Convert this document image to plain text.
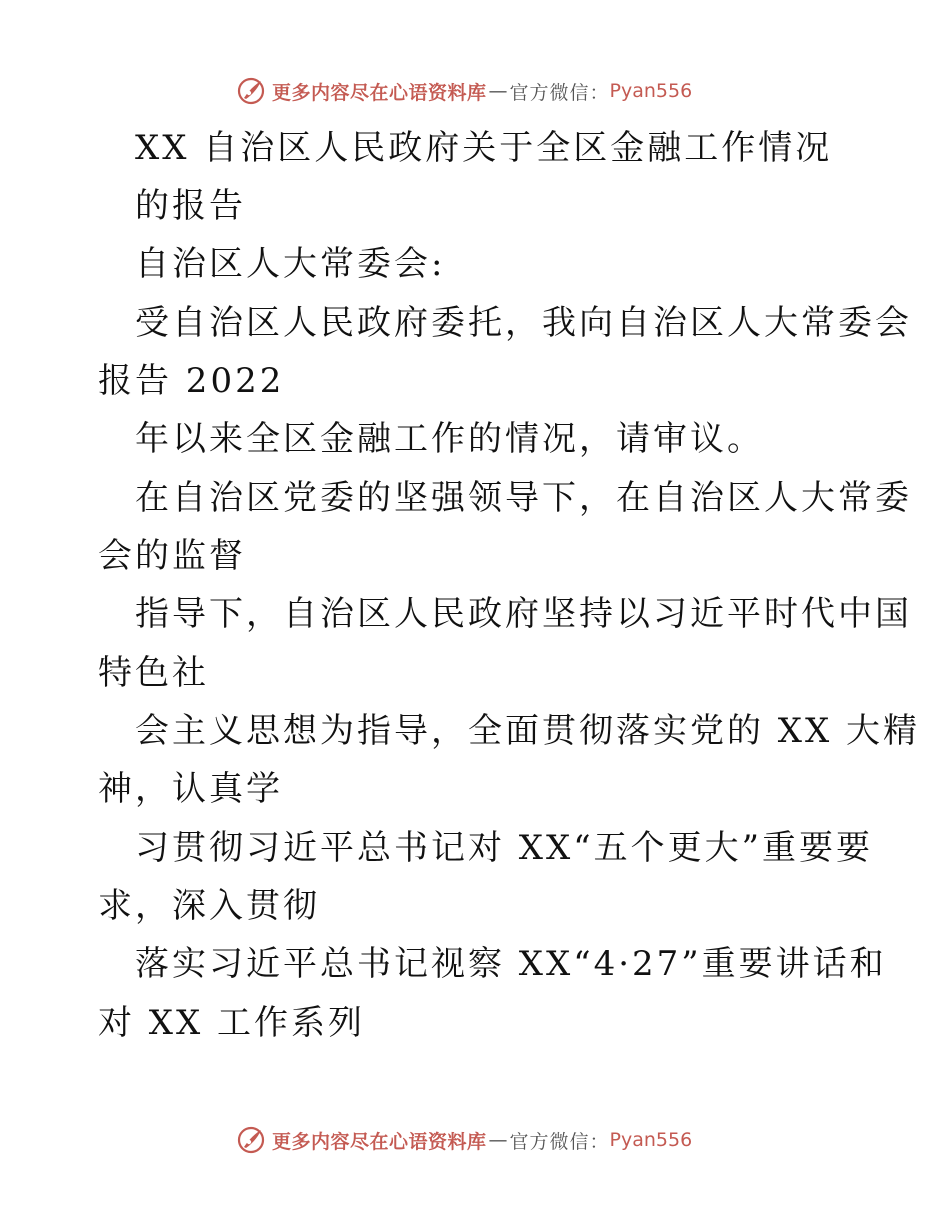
更多内容尽在心语资料库 — 官方微信： Pyan556
XX 自治区人民政府关于全区金融工作情况
的报告
自治区人大常委会:
受自治区人民政府委托，我向自治区人大常委会
报告 2022
年以来全区金融工作的情况，请审议。
在自治区党委的坚强领导下，在自治区人大常委
会的监督
指导下，自治区人民政府坚持以习近平时代中国
特色社
会主义思想为指导，全面贯彻落实党的 XX 大精
神，认真学
习贯彻习近平总书记对 XX“五个更大”重要要
求，深入贯彻
落实习近平总书记视察 XX“4·27”重要讲话和
对 XX 工作系列
更多内容尽在心语资料库 — 官方微信： Pyan556
